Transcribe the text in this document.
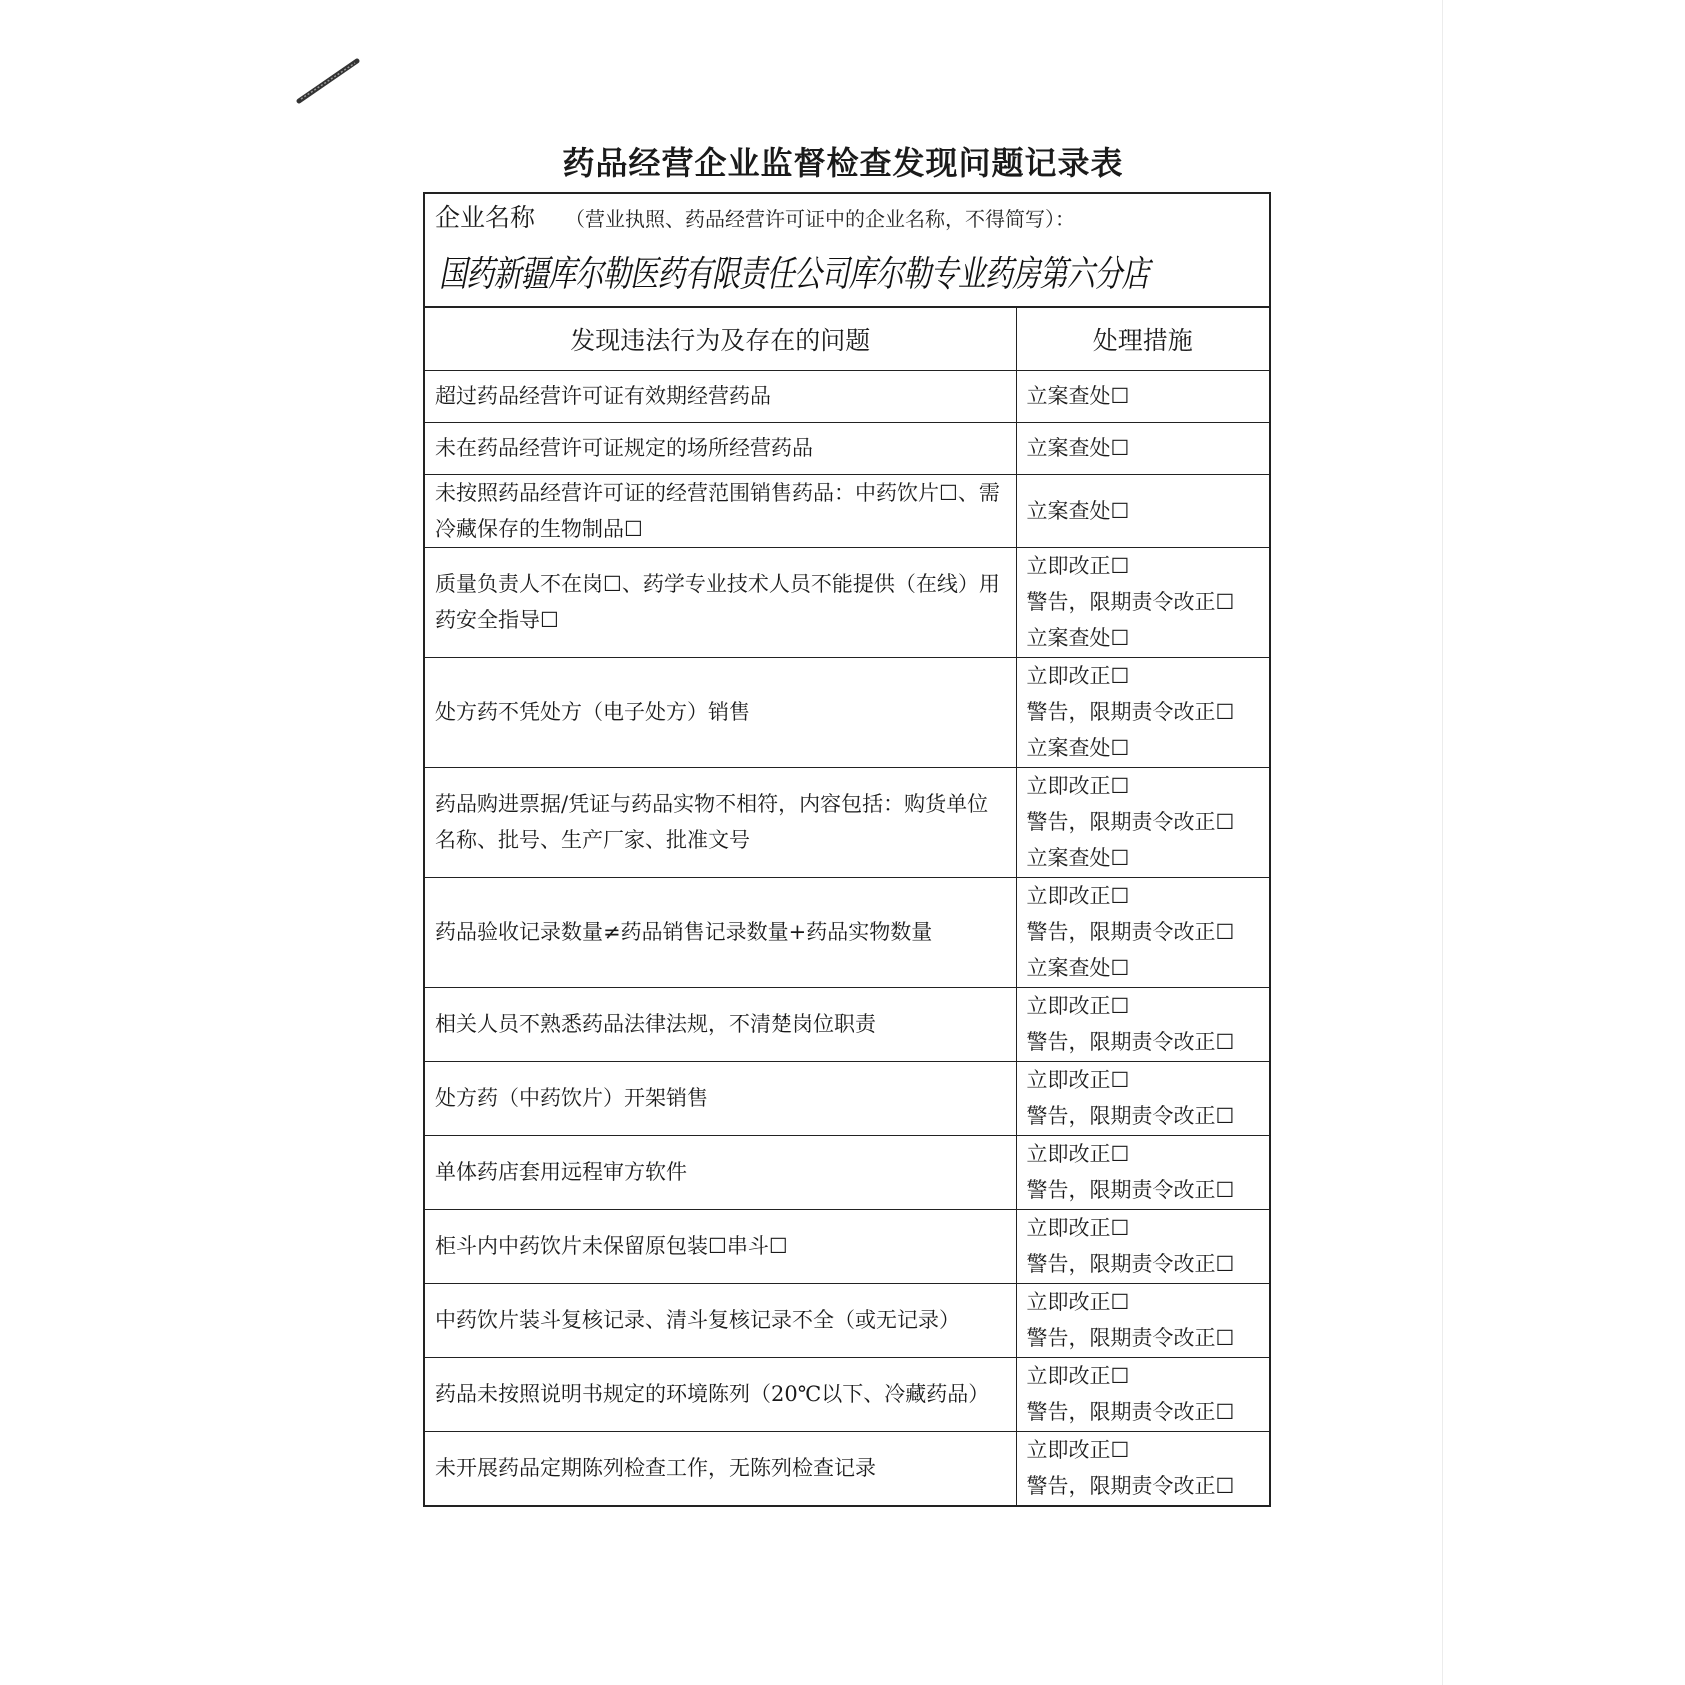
药品经营企业监督检查发现问题记录表
企业名称 （营业执照、药品经营许可证中的企业名称，不得简写）：
国药新疆库尔勒医药有限责任公司库尔勒专业药房第六分店
发现违法行为及存在的问题	处理措施
超过药品经营许可证有效期经营药品	立案查处☐

未在药品经营许可证规定的场所经营药品	立案查处☐

未按照药品经营许可证的经营范围销售药品：中药饮片☐、需冷藏保存的生物制品☐	立案查处☐

质量负责人不在岗☐、药学专业技术人员不能提供（在线）用药安全指导☐	立即改正☐
警告，限期责令改正☐
立案查处☐

处方药不凭处方（电子处方）销售	立即改正☐
警告，限期责令改正☐
立案查处☐

药品购进票据/凭证与药品实物不相符，内容包括：购货单位名称、批号、生产厂家、批准文号	立即改正☐
警告，限期责令改正☐
立案查处☐

药品验收记录数量≠药品销售记录数量+药品实物数量	立即改正☐
警告，限期责令改正☐
立案查处☐

相关人员不熟悉药品法律法规，不清楚岗位职责	立即改正☐
警告，限期责令改正☐

处方药（中药饮片）开架销售	立即改正☐
警告，限期责令改正☐

单体药店套用远程审方软件	立即改正☐
警告，限期责令改正☐

柜斗内中药饮片未保留原包装☐串斗☐	立即改正☐
警告，限期责令改正☐

中药饮片装斗复核记录、清斗复核记录不全（或无记录）	立即改正☐
警告，限期责令改正☐

药品未按照说明书规定的环境陈列（20℃以下、冷藏药品）	立即改正☐
警告，限期责令改正☐

未开展药品定期陈列检查工作，无陈列检查记录	立即改正☐
警告，限期责令改正☐
